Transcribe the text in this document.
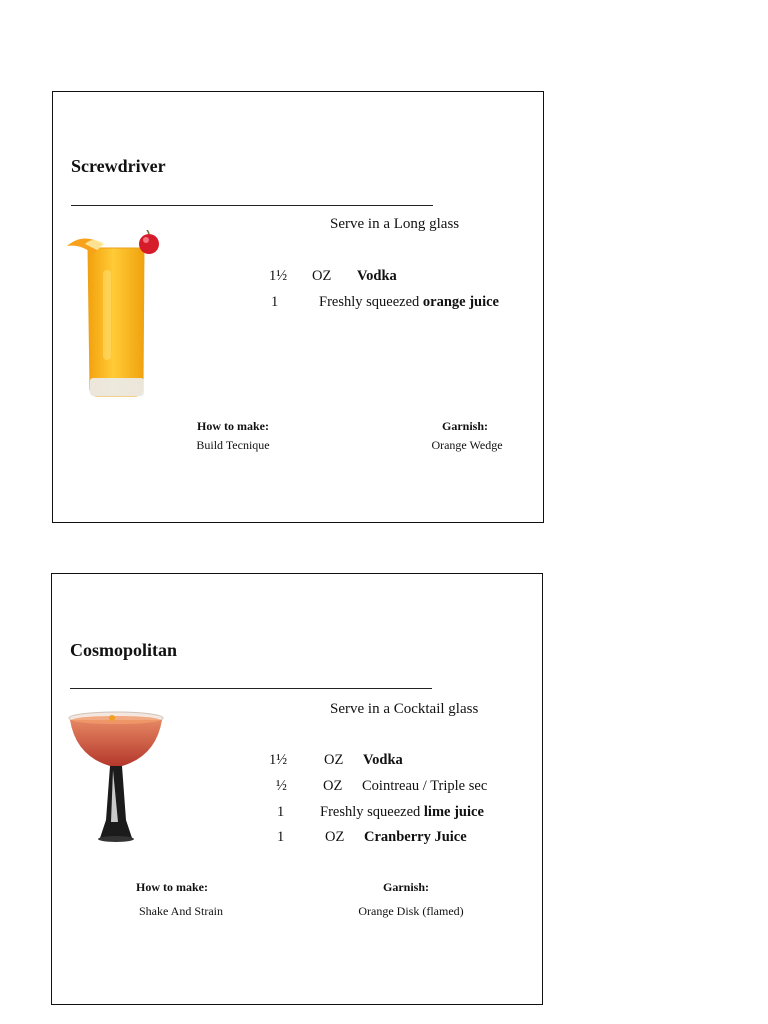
Screwdriver
Serve in a Long glass
1½ OZ Vodka
1	Freshly squeezed orange juice
How to make:
Build Tecnique
Garnish:
Orange Wedge
Cosmopolitan
Serve in a Cocktail glass
1½	OZ Vodka
½ OZ Cointreau / Triple sec
1 Freshly squeezed lime juice
1	OZ Cranberry Juice
How to make:
Shake And Strain
Garnish:
Orange Disk (flamed)
